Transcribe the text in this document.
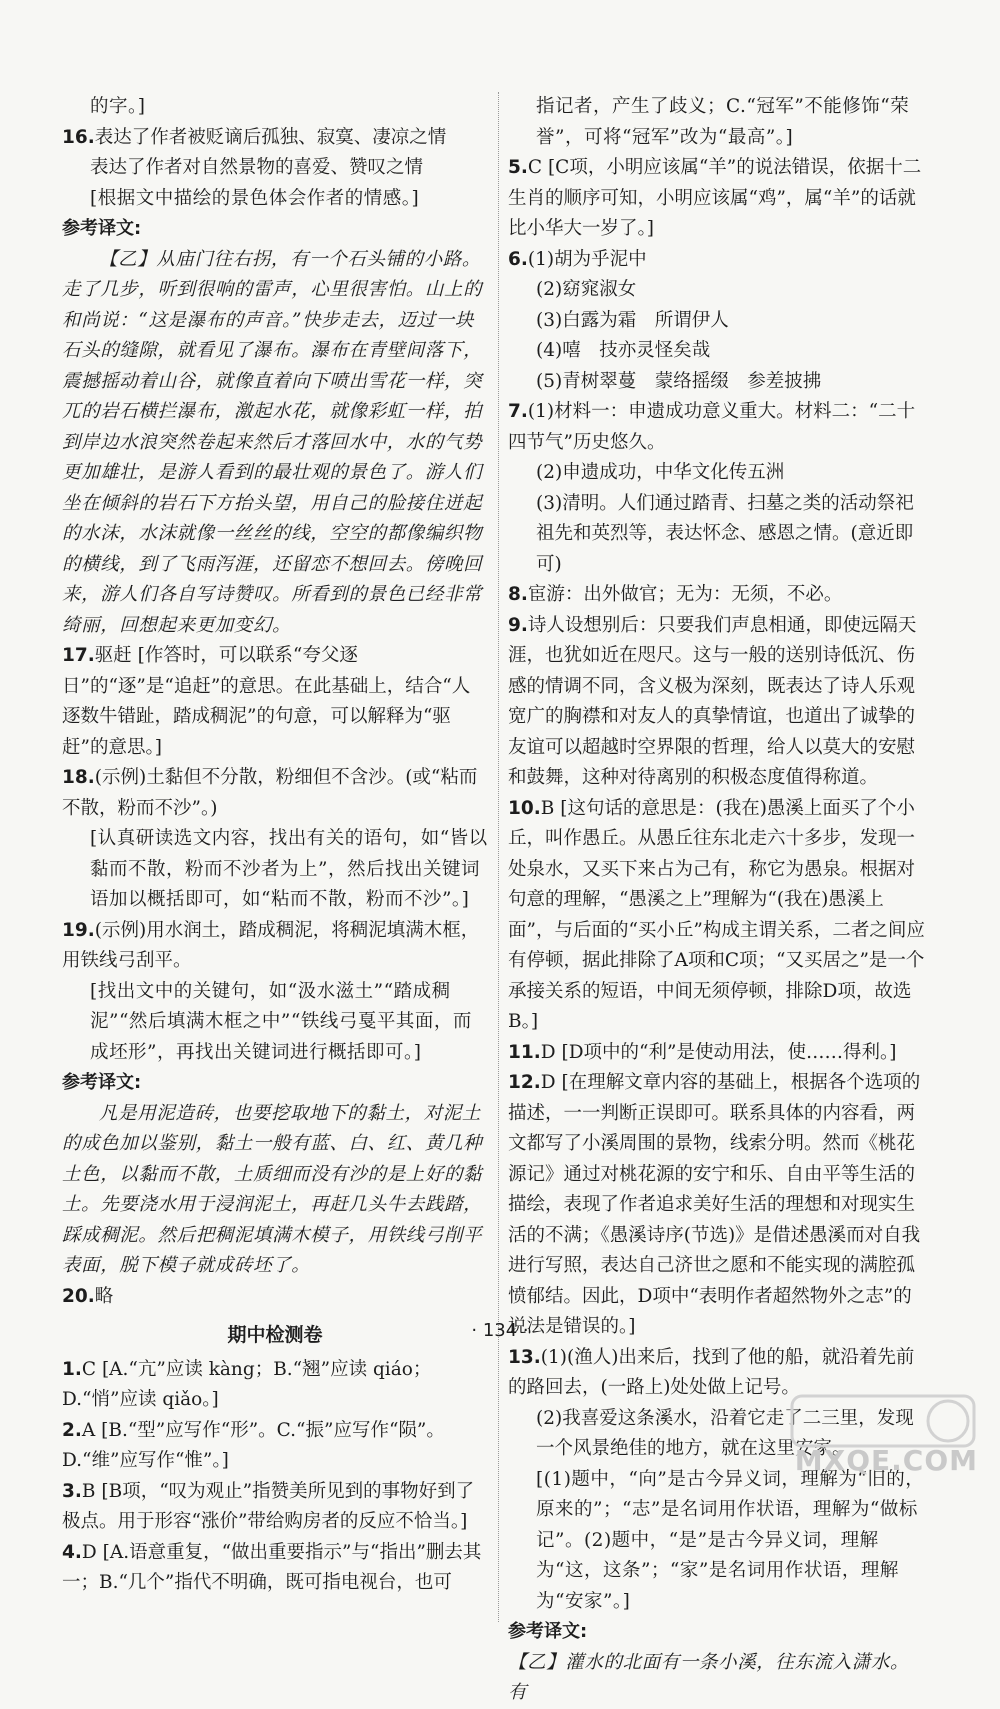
的字。]
16.表达了作者被贬谪后孤独、寂寞、凄凉之情
表达了作者对自然景物的喜爱、赞叹之情
[根据文中描绘的景色体会作者的情感。]
参考译文:
【乙】从庙门往右拐，有一个石头铺的小路。走了几步，听到很响的雷声，心里很害怕。山上的和尚说：“这是瀑布的声音。”快步走去，迈过一块石头的缝隙，就看见了瀑布。瀑布在青壁间落下，震撼摇动着山谷，就像直着向下喷出雪花一样，突兀的岩石横拦瀑布，激起水花，就像彩虹一样，拍到岸边水浪突然卷起来然后才落回水中，水的气势更加雄壮，是游人看到的最壮观的景色了。游人们坐在倾斜的岩石下方抬头望，用自己的脸接住迸起的水沫，水沫就像一丝丝的线，空空的都像编织物的横线，到了飞雨泻涯，还留恋不想回去。傍晚回来，游人们各自写诗赞叹。所看到的景色已经非常绮丽，回想起来更加变幻。
17.驱赶 [作答时，可以联系“夸父逐日”的“逐”是“追赶”的意思。在此基础上，结合“人逐数牛错趾，踏成稠泥”的句意，可以解释为“驱赶”的意思。]
18.(示例)土黏但不分散，粉细但不含沙。(或“粘而不散，粉而不沙”。)
[认真研读选文内容，找出有关的语句，如“皆以黏而不散，粉而不沙者为上”，然后找出关键词语加以概括即可，如“粘而不散，粉而不沙”。]
19.(示例)用水润土，踏成稠泥，将稠泥填满木框，用铁线弓刮平。
[找出文中的关键句，如“汲水滋土”“踏成稠泥”“然后填满木框之中”“铁线弓戛平其面，而成坯形”，再找出关键词进行概括即可。]
参考译文:
凡是用泥造砖，也要挖取地下的黏土，对泥土的成色加以鉴别，黏土一般有蓝、白、红、黄几种土色，以黏而不散，土质细而没有沙的是上好的黏土。先要浇水用于浸润泥土，再赶几头牛去践踏，踩成稠泥。然后把稠泥填满木模子，用铁线弓削平表面，脱下模子就成砖坯了。
20.略
期中检测卷
1.C [A.“亢”应读 kàng；B.“翘”应读 qiáo；D.“悄”应读 qiǎo。]
2.A [B.“型”应写作“形”。C.“振”应写作“陨”。D.“维”应写作“惟”。]
3.B [B项，“叹为观止”指赞美所见到的事物好到了极点。用于形容“涨价”带给购房者的反应不恰当。]
4.D [A.语意重复，“做出重要指示”与“指出”删去其一；B.“几个”指代不明确，既可指电视台，也可
指记者，产生了歧义；C.“冠军”不能修饰“荣誉”，可将“冠军”改为“最高”。]
5.C [C项，小明应该属“羊”的说法错误，依据十二生肖的顺序可知，小明应该属“鸡”，属“羊”的话就比小华大一岁了。]
6.(1)胡为乎泥中
(2)窈窕淑女
(3)白露为霜　所谓伊人
(4)嘻　技亦灵怪矣哉
(5)青树翠蔓　蒙络摇缀　参差披拂
7.(1)材料一：申遗成功意义重大。材料二：“二十四节气”历史悠久。
(2)申遗成功，中华文化传五洲
(3)清明。人们通过踏青、扫墓之类的活动祭祀祖先和英烈等，表达怀念、感恩之情。(意近即可)
8.宦游：出外做官；无为：无须，不必。
9.诗人设想别后：只要我们声息相通，即使远隔天涯，也犹如近在咫尺。这与一般的送别诗低沉、伤感的情调不同，含义极为深刻，既表达了诗人乐观宽广的胸襟和对友人的真挚情谊，也道出了诚挚的友谊可以超越时空界限的哲理，给人以莫大的安慰和鼓舞，这种对待离别的积极态度值得称道。
10.B [这句话的意思是：(我在)愚溪上面买了个小丘，叫作愚丘。从愚丘往东北走六十多步，发现一处泉水，又买下来占为己有，称它为愚泉。根据对句意的理解，“愚溪之上”理解为“(我在)愚溪上面”，与后面的“买小丘”构成主谓关系，二者之间应有停顿，据此排除了A项和C项；“又买居之”是一个承接关系的短语，中间无须停顿，排除D项，故选B。]
11.D [D项中的“利”是使动用法，使……得利。]
12.D [在理解文章内容的基础上，根据各个选项的描述，一一判断正误即可。联系具体的内容看，两文都写了小溪周围的景物，线索分明。然而《桃花源记》通过对桃花源的安宁和乐、自由平等生活的描绘，表现了作者追求美好生活的理想和对现实生活的不满；《愚溪诗序(节选)》是借述愚溪而对自我进行写照，表达自己济世之愿和不能实现的满腔孤愤郁结。因此，D项中“表明作者超然物外之志”的说法是错误的。]
13.(1)(渔人)出来后，找到了他的船，就沿着先前的路回去，(一路上)处处做上记号。
(2)我喜爱这条溪水，沿着它走了二三里，发现一个风景绝佳的地方，就在这里安家。
[(1)题中，“向”是古今异义词，理解为“旧的，原来的”；“志”是名词用作状语，理解为“做标记”。(2)题中，“是”是古今异义词，理解为“这，这条”；“家”是名词用作状语，理解为“安家”。]
参考译文:
【乙】灌水的北面有一条小溪，往东流入潇水。有
· 134 ·
MXQE.COM
